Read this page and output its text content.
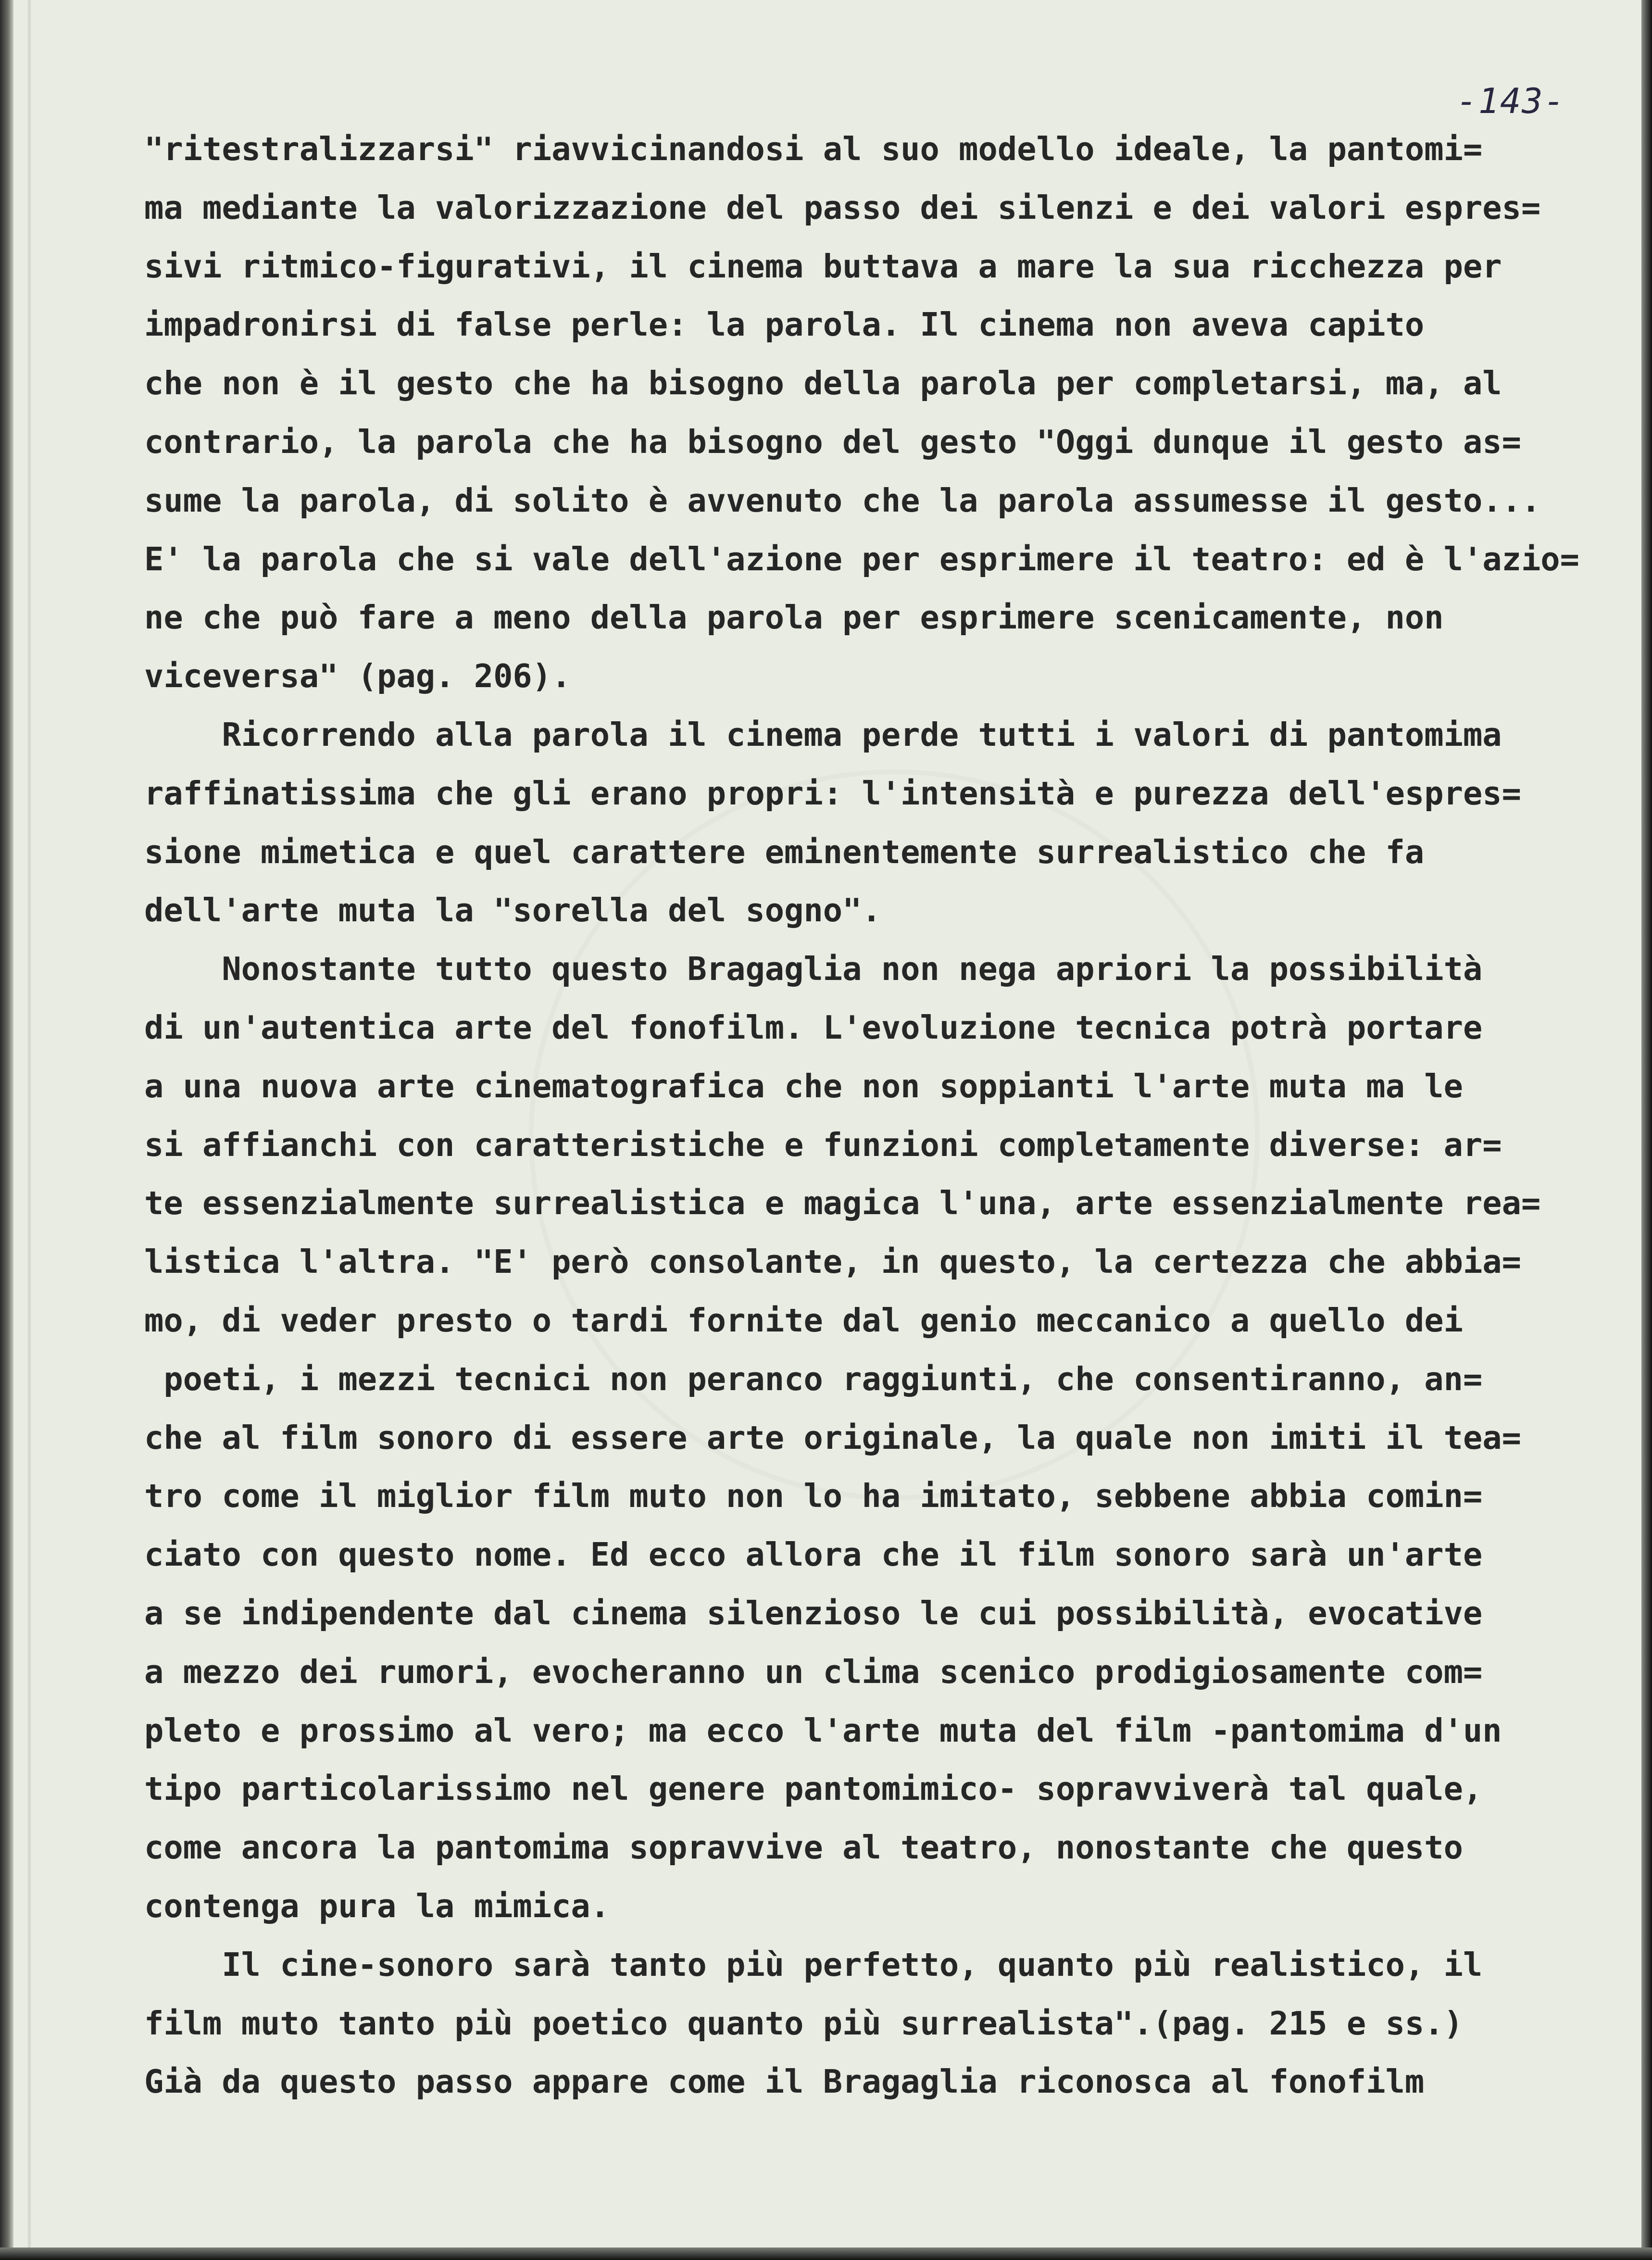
-143-
"ritestralizzarsi" riavvicinandosi al suo modello ideale, la pantomi=
ma mediante la valorizzazione del passo dei silenzi e dei valori espres=
sivi ritmico-figurativi, il cinema buttava a mare la sua ricchezza per
impadronirsi di false perle: la parola. Il cinema non aveva capito
che non è il gesto che ha bisogno della parola per completarsi, ma, al
contrario, la parola che ha bisogno del gesto "Oggi dunque il gesto as=
sume la parola, di solito è avvenuto che la parola assumesse il gesto...
E' la parola che si vale dell'azione per esprimere il teatro: ed è l'azio=
ne che può fare a meno della parola per esprimere scenicamente, non
viceversa" (pag. 206).
Ricorrendo alla parola il cinema perde tutti i valori di pantomima
raffinatissima che gli erano propri: l'intensità e purezza dell'espres=
sione mimetica e quel carattere eminentemente surrealistico che fa
dell'arte muta la "sorella del sogno".
Nonostante tutto questo Bragaglia non nega apriori la possibilità
di un'autentica arte del fonofilm. L'evoluzione tecnica potrà portare
a una nuova arte cinematografica che non soppianti l'arte muta ma le
si affianchi con caratteristiche e funzioni completamente diverse: ar=
te essenzialmente surrealistica e magica l'una, arte essenzialmente rea=
listica l'altra. "E' però consolante, in questo, la certezza che abbia=
mo, di veder presto o tardi fornite dal genio meccanico a quello dei
poeti, i mezzi tecnici non peranco raggiunti, che consentiranno, an=
che al film sonoro di essere arte originale, la quale non imiti il tea=
tro come il miglior film muto non lo ha imitato, sebbene abbia comin=
ciato con questo nome. Ed ecco allora che il film sonoro sarà un'arte
a se indipendente dal cinema silenzioso le cui possibilità, evocative
a mezzo dei rumori, evocheranno un clima scenico prodigiosamente com=
pleto e prossimo al vero; ma ecco l'arte muta del film -pantomima d'un
tipo particolarissimo nel genere pantomimico- sopravviverà tal quale,
come ancora la pantomima sopravvive al teatro, nonostante che questo
contenga pura la mimica.
Il cine-sonoro sarà tanto più perfetto, quanto più realistico, il
film muto tanto più poetico quanto più surrealista".(pag. 215 e ss.)
Già da questo passo appare come il Bragaglia riconosca al fonofilm
